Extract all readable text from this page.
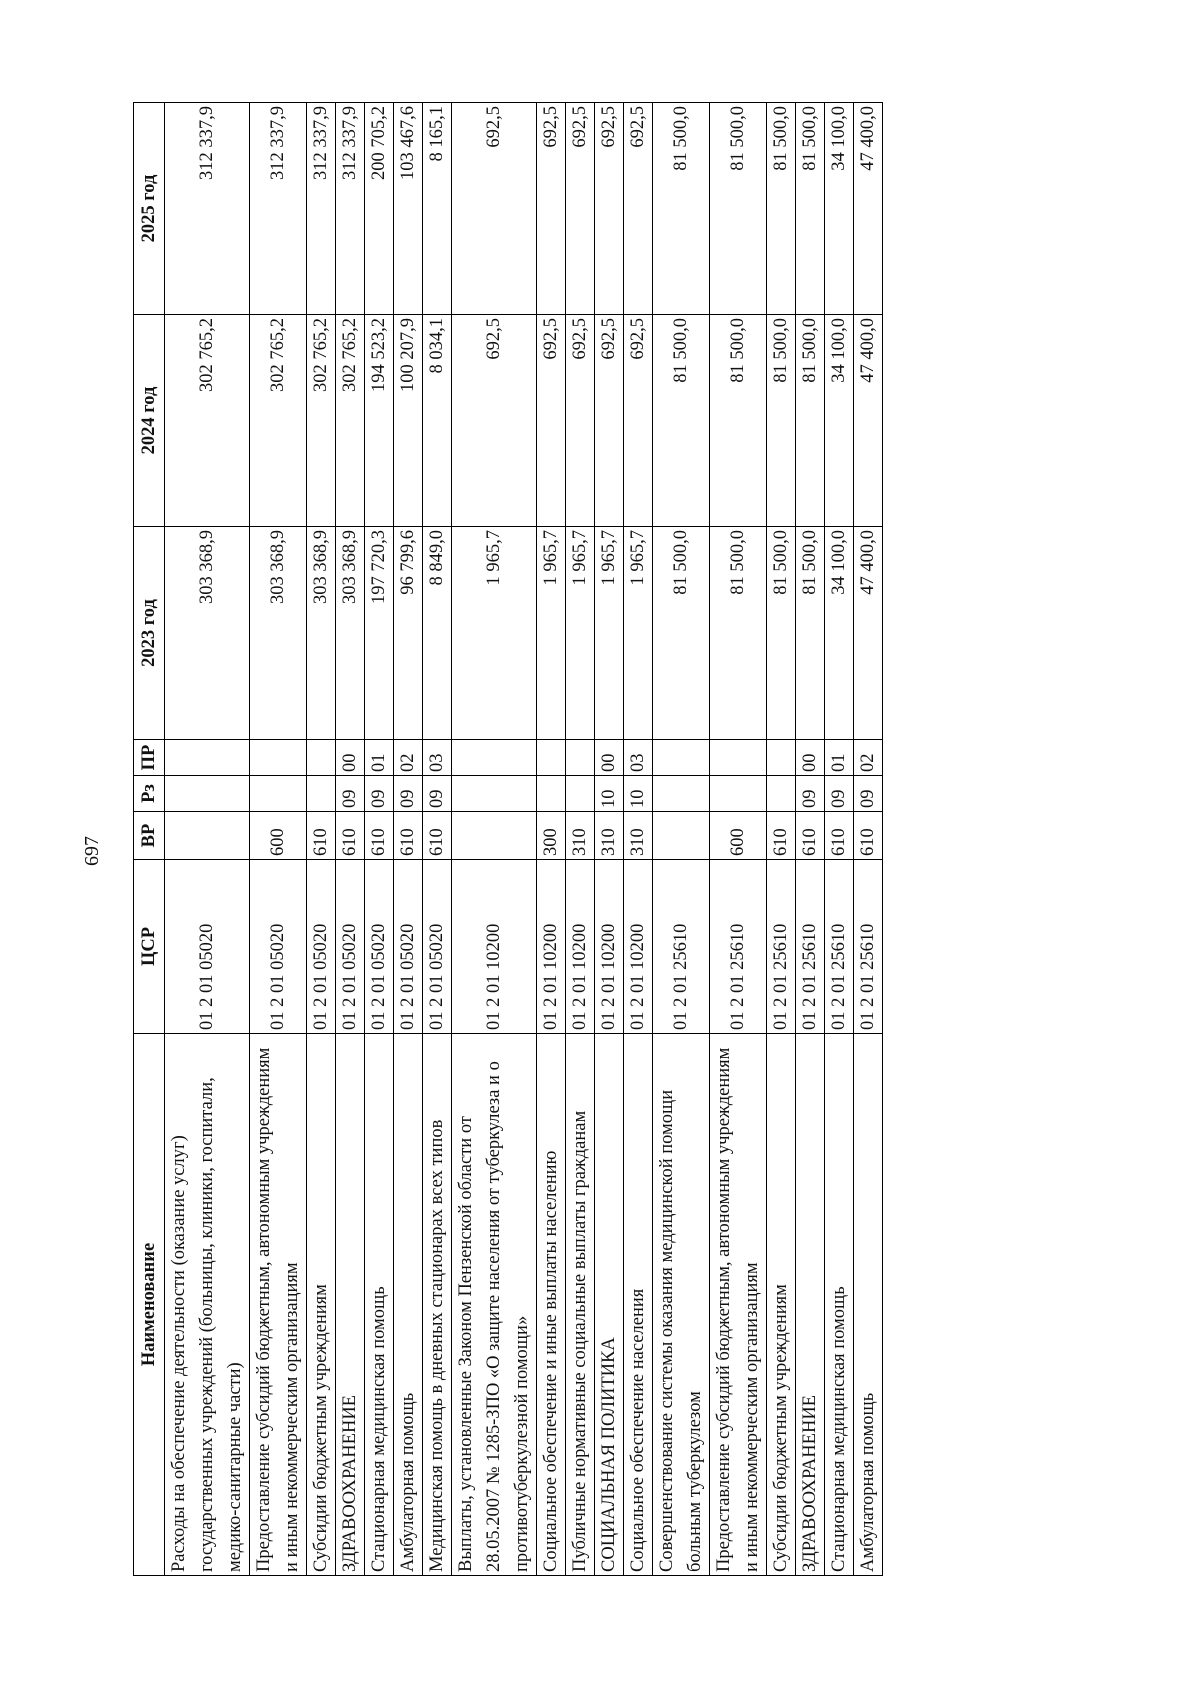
697
Наименование	ЦСР	ВР	Рз	ПР	2023 год	2024 год	2025 год
Расходы на обеспечение деятельности (оказание услуг) государственных учреждений (больницы, клиники, госпитали, медико-санитарные части)	01 2 01 05020				303 368,9	302 765,2	312 337,9
Предоставление субсидий бюджетным, автономным учреждениям и иным некоммерческим организациям	01 2 01 05020	600			303 368,9	302 765,2	312 337,9
Субсидии бюджетным учреждениям	01 2 01 05020	610			303 368,9	302 765,2	312 337,9
ЗДРАВООХРАНЕНИЕ	01 2 01 05020	610	09	00	303 368,9	302 765,2	312 337,9
Стационарная медицинская помощь	01 2 01 05020	610	09	01	197 720,3	194 523,2	200 705,2
Амбулаторная помощь	01 2 01 05020	610	09	02	96 799,6	100 207,9	103 467,6
Медицинская помощь в дневных стационарах всех типов	01 2 01 05020	610	09	03	8 849,0	8 034,1	8 165,1
Выплаты, установленные Законом Пензенской области от 28.05.2007 № 1285-ЗПО «О защите населения от туберкулеза и о противотуберкулезной помощи»	01 2 01 10200				1 965,7	692,5	692,5
Социальное обеспечение и иные выплаты населению	01 2 01 10200	300			1 965,7	692,5	692,5
Публичные нормативные социальные выплаты гражданам	01 2 01 10200	310			1 965,7	692,5	692,5
СОЦИАЛЬНАЯ ПОЛИТИКА	01 2 01 10200	310	10	00	1 965,7	692,5	692,5
Социальное обеспечение населения	01 2 01 10200	310	10	03	1 965,7	692,5	692,5
Совершенствование системы оказания медицинской помощи больным туберкулезом	01 2 01 25610				81 500,0	81 500,0	81 500,0
Предоставление субсидий бюджетным, автономным учреждениям и иным некоммерческим организациям	01 2 01 25610	600			81 500,0	81 500,0	81 500,0
Субсидии бюджетным учреждениям	01 2 01 25610	610			81 500,0	81 500,0	81 500,0
ЗДРАВООХРАНЕНИЕ	01 2 01 25610	610	09	00	81 500,0	81 500,0	81 500,0
Стационарная медицинская помощь	01 2 01 25610	610	09	01	34 100,0	34 100,0	34 100,0
Амбулаторная помощь	01 2 01 25610	610	09	02	47 400,0	47 400,0	47 400,0
